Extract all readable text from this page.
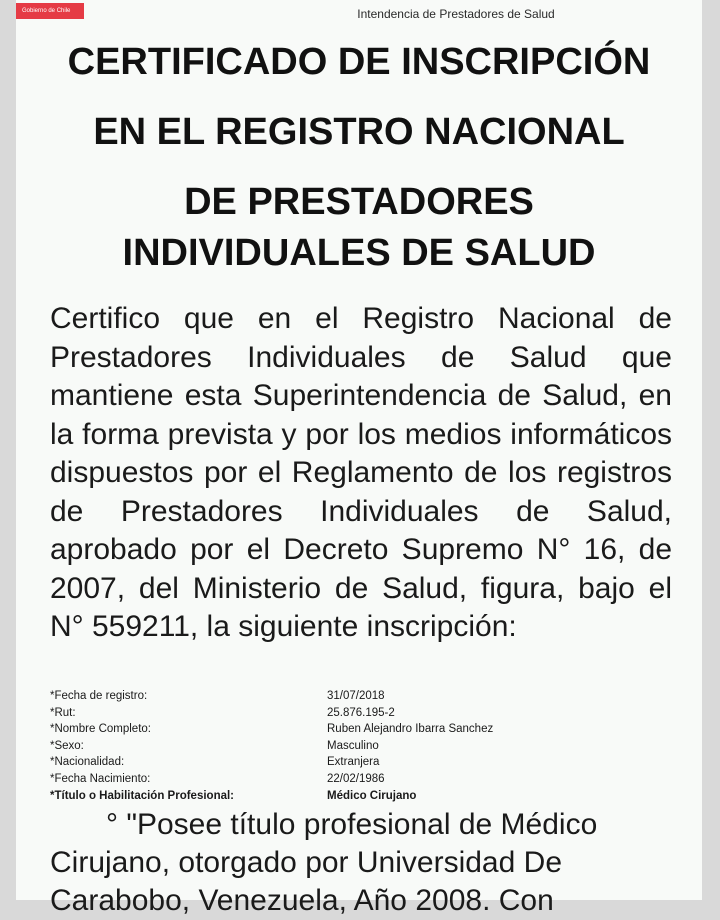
Gobierno de Chile	Intendencia de Prestadores de Salud
CERTIFICADO DE INSCRIPCIÓN
EN EL REGISTRO NACIONAL
DE PRESTADORES
INDIVIDUALES DE SALUD
Certifico que en el Registro Nacional de Prestadores Individuales de Salud que mantiene esta Superintendencia de Salud, en la forma prevista y por los medios informáticos dispuestos por el Reglamento de los registros de Prestadores Individuales de Salud, aprobado por el Decreto Supremo N° 16, de 2007, del Ministerio de Salud, figura, bajo el N° 559211, la siguiente inscripción:
*Fecha de registro:	31/07/2018
*Rut:	25.876.195-2
*Nombre Completo:	Ruben Alejandro Ibarra Sanchez
*Sexo:	Masculino
*Nacionalidad:	Extranjera
*Fecha Nacimiento:	22/02/1986
*Título o Habilitación Profesional:	Médico Cirujano
° "Posee título profesional de Médico
Cirujano, otorgado por Universidad De
Carabobo, Venezuela, Año 2008. Con
